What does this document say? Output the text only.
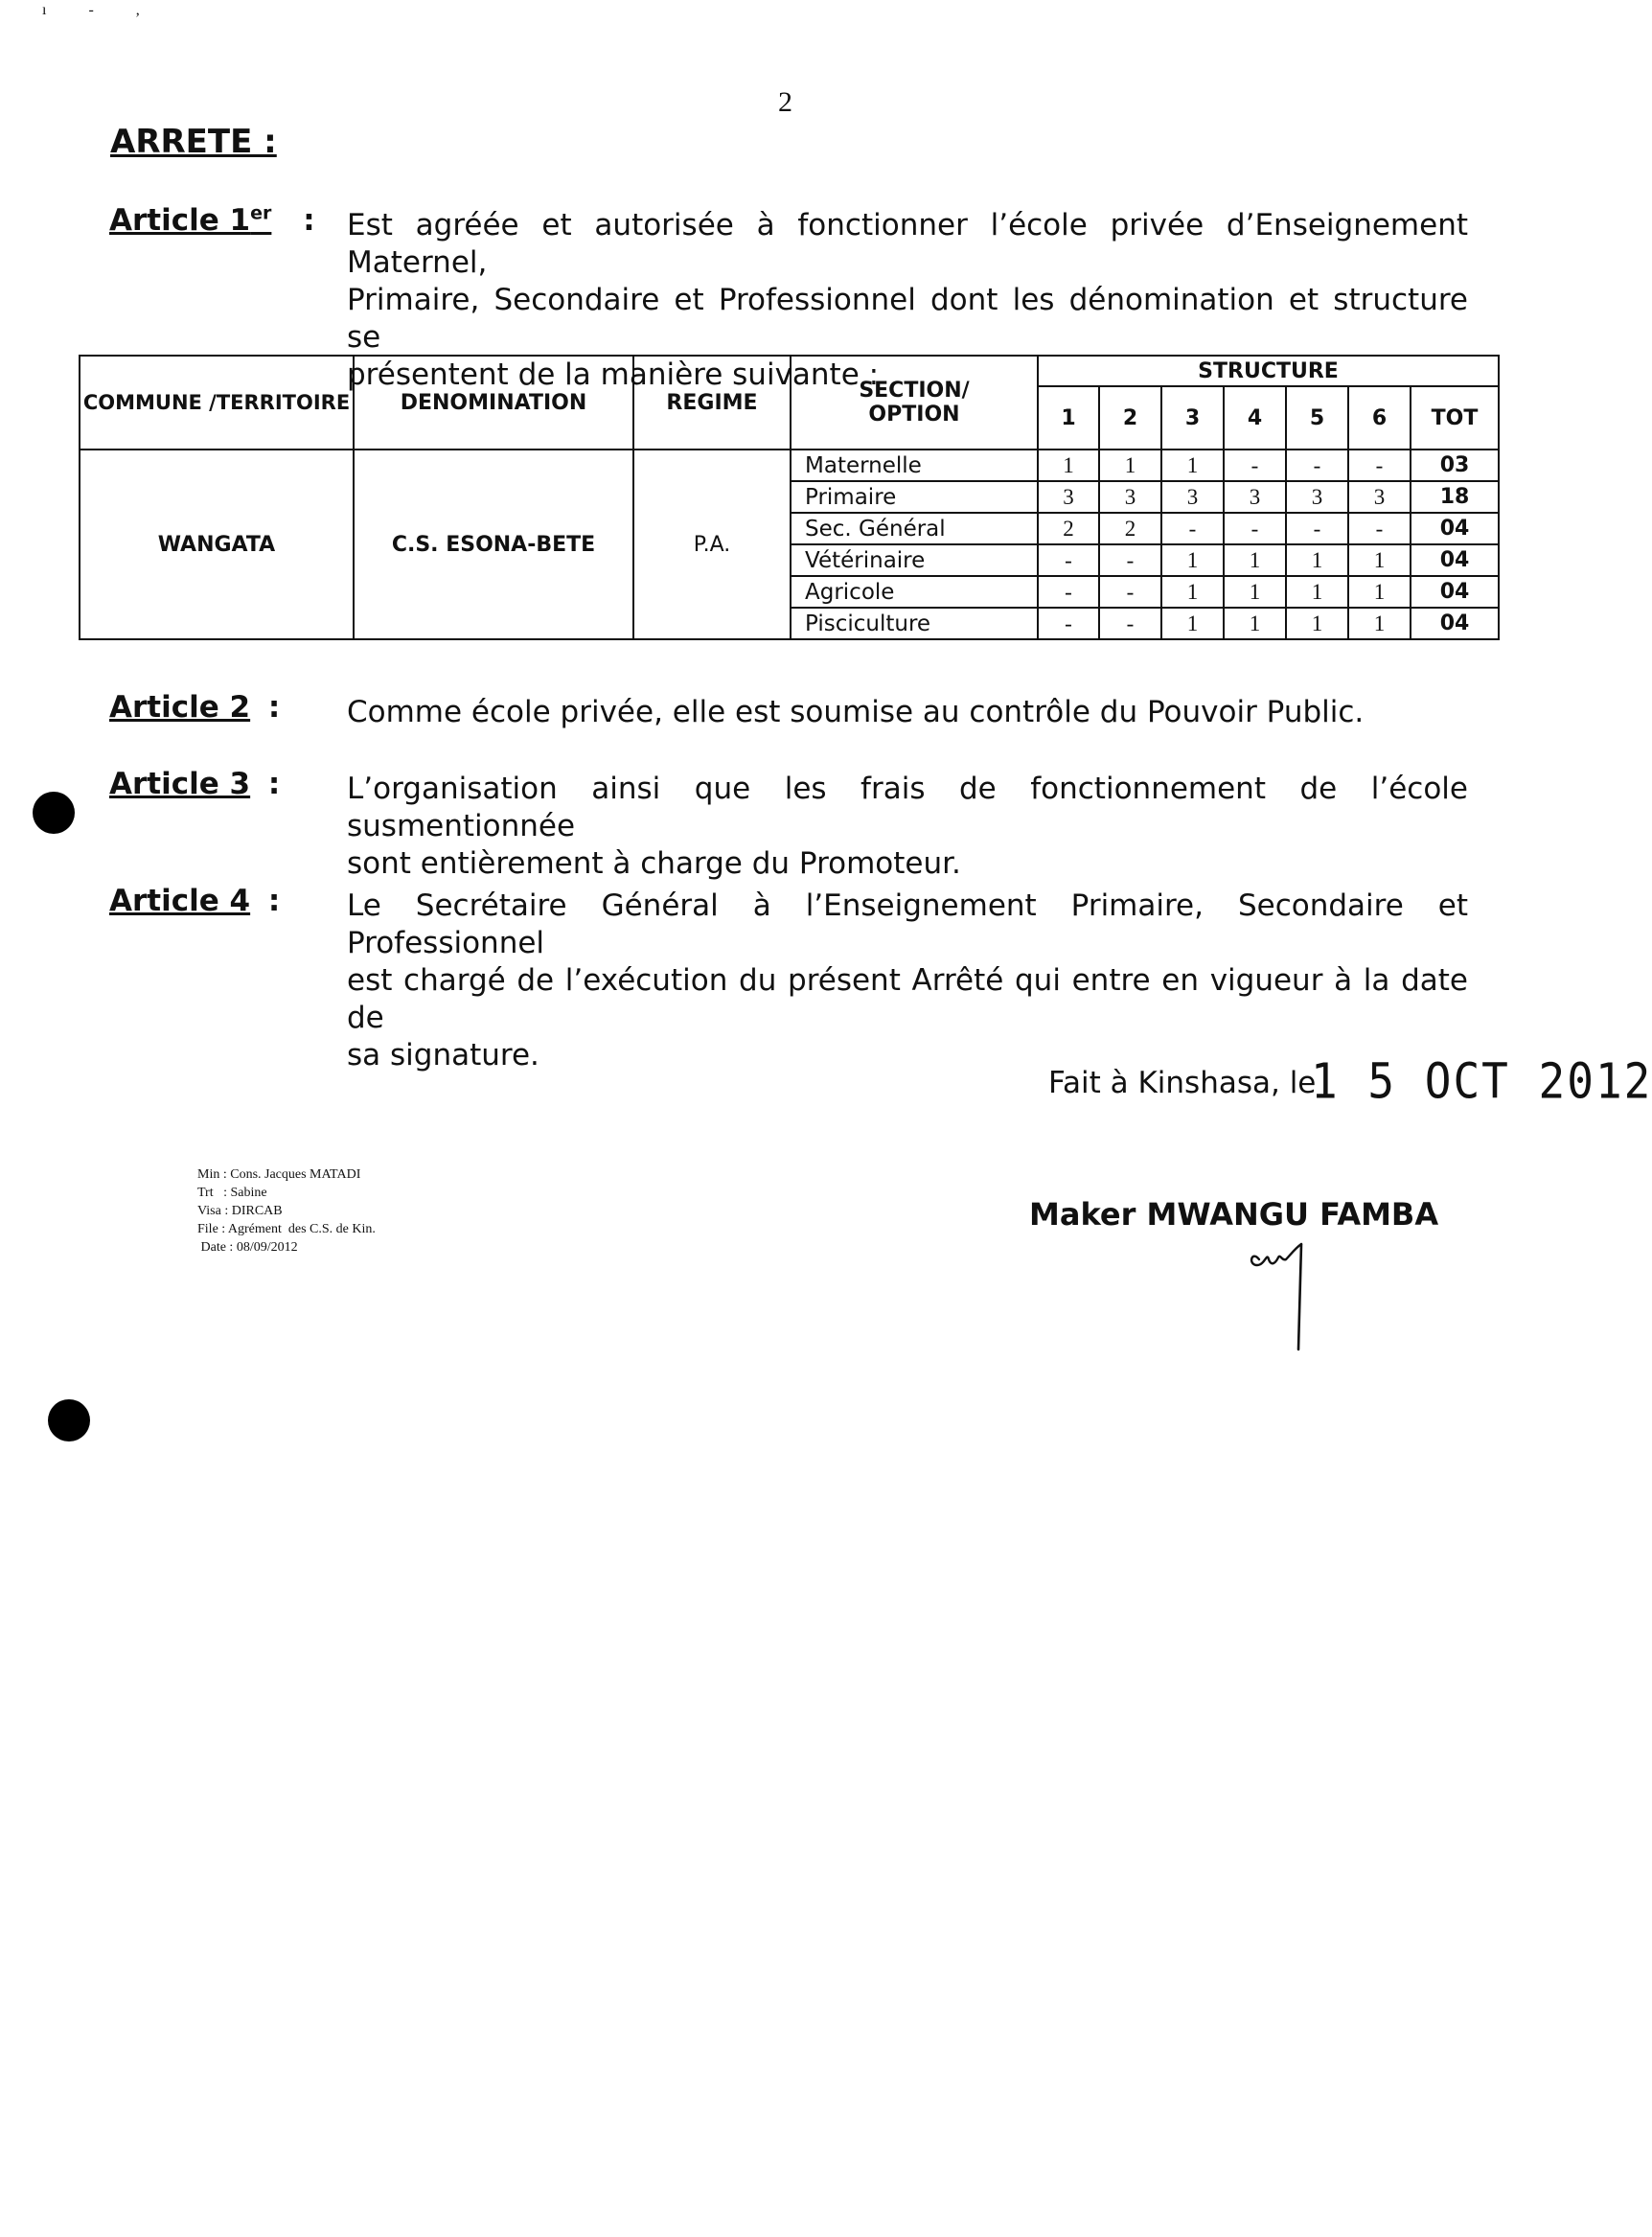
ı - ,
2
ARRETE :
Article 1er : Est agréée et autorisée à fonctionner l’école privée d’Enseignement Maternel,
Primaire, Secondaire et Professionnel dont les dénomination et structure se
présentent de la manière suivante :
COMMUNE /TERRITOIRE	DENOMINATION	REGIME	SECTION/
OPTION	STRUCTURE						
				1	2	3	4	5	6	TOT
WANGATA	C.S. ESONA-BETE	P.A.	Maternelle	1	1	1	-	-	-	03
			Primaire	3	3	3	3	3	3	18
			Sec. Général	2	2	-	-	-	-	04
			Vétérinaire	-	-	1	1	1	1	04
			Agricole	-	-	1	1	1	1	04
			Pisciculture	-	-	1	1	1	1	04
Article 2 : Comme école privée, elle est soumise au contrôle du Pouvoir Public.
Article 3 : L’organisation ainsi que les frais de fonctionnement de l’école susmentionnée
sont entièrement à charge du Promoteur.
Article 4 : Le Secrétaire Général à l’Enseignement Primaire, Secondaire et Professionnel
est chargé de l’exécution du présent Arrêté qui entre en vigueur à la date de
sa signature.
Fait à Kinshasa, le
1 5 OCT 2012
Min : Cons. Jacques MATADI
Trt   : Sabine
Visa : DIRCAB
File : Agrément  des C.S. de Kin.
Date : 08/09/2012
Maker MWANGU FAMBA
